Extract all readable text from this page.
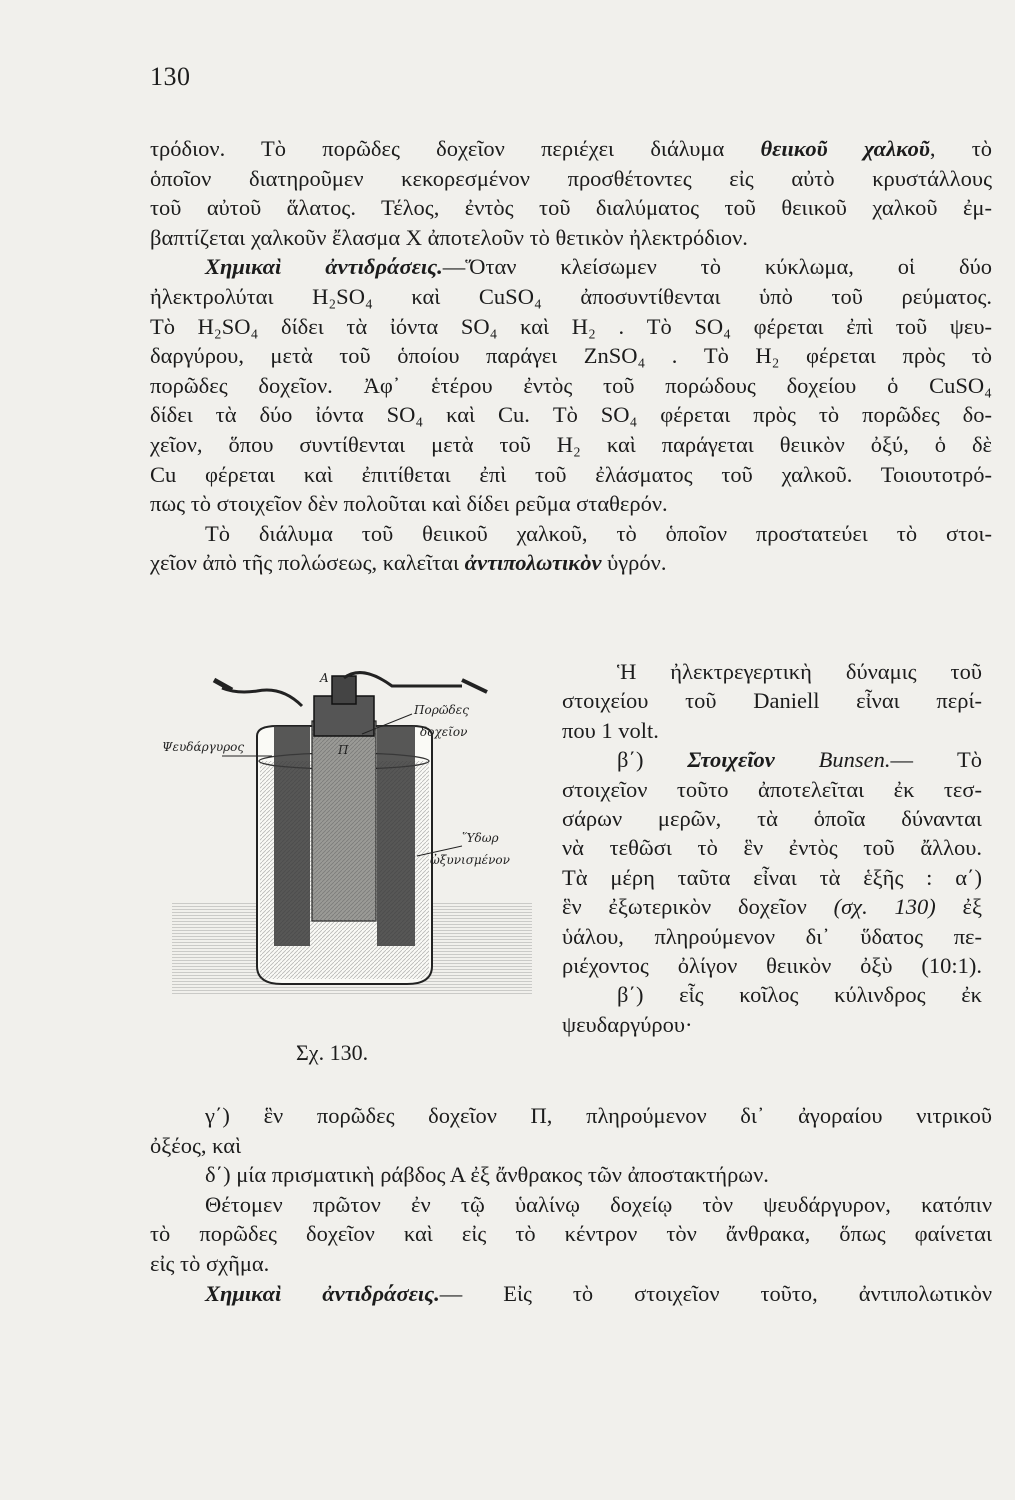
130
τρόδιον. Τὸ πορῶδες δοχεῖον περιέχει διάλυμα θειικοῦ χαλκοῦ, τὸ
ὁποῖον διατηροῦμεν κεκορεσμένον προσθέτοντες εἰς αὐτὸ κρυστάλλους
τοῦ αὐτοῦ ἅλατος. Τέλος, ἐντὸς τοῦ διαλύματος τοῦ θειικοῦ χαλκοῦ ἐμ-
βαπτίζεται χαλκοῦν ἔλασμα Χ ἀποτελοῦν τὸ θετικὸν ἠλεκτρόδιον.
Χημικαὶ ἀντιδράσεις.—Ὅταν κλείσωμεν τὸ κύκλωμα, οἱ δύο
ἠλεκτρολύται H₂SO₄ καὶ CuSO₄ ἀποσυντίθενται ὑπὸ τοῦ ρεύματος.
Τὸ H₂SO₄ δίδει τὰ ἰόντα SO₄ καὶ H₂ . Τὸ SO₄ φέρεται ἐπὶ τοῦ ψευ-
δαργύρου, μετὰ τοῦ ὁποίου παράγει ZnSO₄ . Τὸ H₂ φέρεται πρὸς τὸ
πορῶδες δοχεῖον. Ἀφ᾽ ἑτέρου ἐντὸς τοῦ πορώδους δοχείου ὁ CuSO₄
δίδει τὰ δύο ἰόντα SO₄ καὶ Cu. Τὸ SO₄ φέρεται πρὸς τὸ πορῶδες δο-
χεῖον, ὅπου συντίθενται μετὰ τοῦ H₂ καὶ παράγεται θειικὸν ὀξύ, ὁ δὲ
Cu φέρεται καὶ ἐπιτίθεται ἐπὶ τοῦ ἐλάσματος τοῦ χαλκοῦ. Τοιουτοτρό-
πως τὸ στοιχεῖον δὲν πολοῦται καὶ δίδει ρεῦμα σταθερόν.
Τὸ διάλυμα τοῦ θειικοῦ χαλκοῦ, τὸ ὁποῖον προστατεύει τὸ στοι-
χεῖον ἀπὸ τῆς πολώσεως, καλεῖται ἀντιπολωτικὸν ὑγρόν.
A
Πορῶδες
δοχεῖον
Ψευδάργυρος	Π
Ὕδωρ
ὠξυνισμένον
Σχ. 130.
Ἡ ἠλεκτρεγερτικὴ δύναμις τοῦ
στοιχείου τοῦ Daniell εἶναι περί-
που 1 volt.
β΄) Στοιχεῖον Bunsen.— Τὸ
στοιχεῖον τοῦτο ἀποτελεῖται ἐκ τεσ-
σάρων μερῶν, τὰ ὁποῖα δύνανται
νὰ τεθῶσι τὸ ἓν ἐντὸς τοῦ ἄλλου.
Τὰ μέρη ταῦτα εἶναι τὰ ἑξῆς : α΄)
ἓν ἐξωτερικὸν δοχεῖον (σχ. 130) ἐξ
ὑάλου, πληρούμενον δι᾽ ὕδατος πε-
ριέχοντος ὀλίγον θειικὸν ὀξὺ (10:1).
β΄) εἷς κοῖλος κύλινδρος ἐκ
ψευδαργύρου·
γ΄) ἓν πορῶδες δοχεῖον Π, πληρούμενον δι᾽ ἀγοραίου νιτρικοῦ
ὀξέος, καὶ
δ΄) μία πρισματικὴ ράβδος Α ἐξ ἄνθρακος τῶν ἀποστακτήρων.
Θέτομεν πρῶτον ἐν τῷ ὑαλίνῳ δοχείῳ τὸν ψευδάργυρον, κατόπιν
τὸ πορῶδες δοχεῖον καὶ εἰς τὸ κέντρον τὸν ἄνθρακα, ὅπως φαίνεται
εἰς τὸ σχῆμα.
Χημικαὶ ἀντιδράσεις.— Εἰς τὸ στοιχεῖον τοῦτο, ἀντιπολωτικὸν
